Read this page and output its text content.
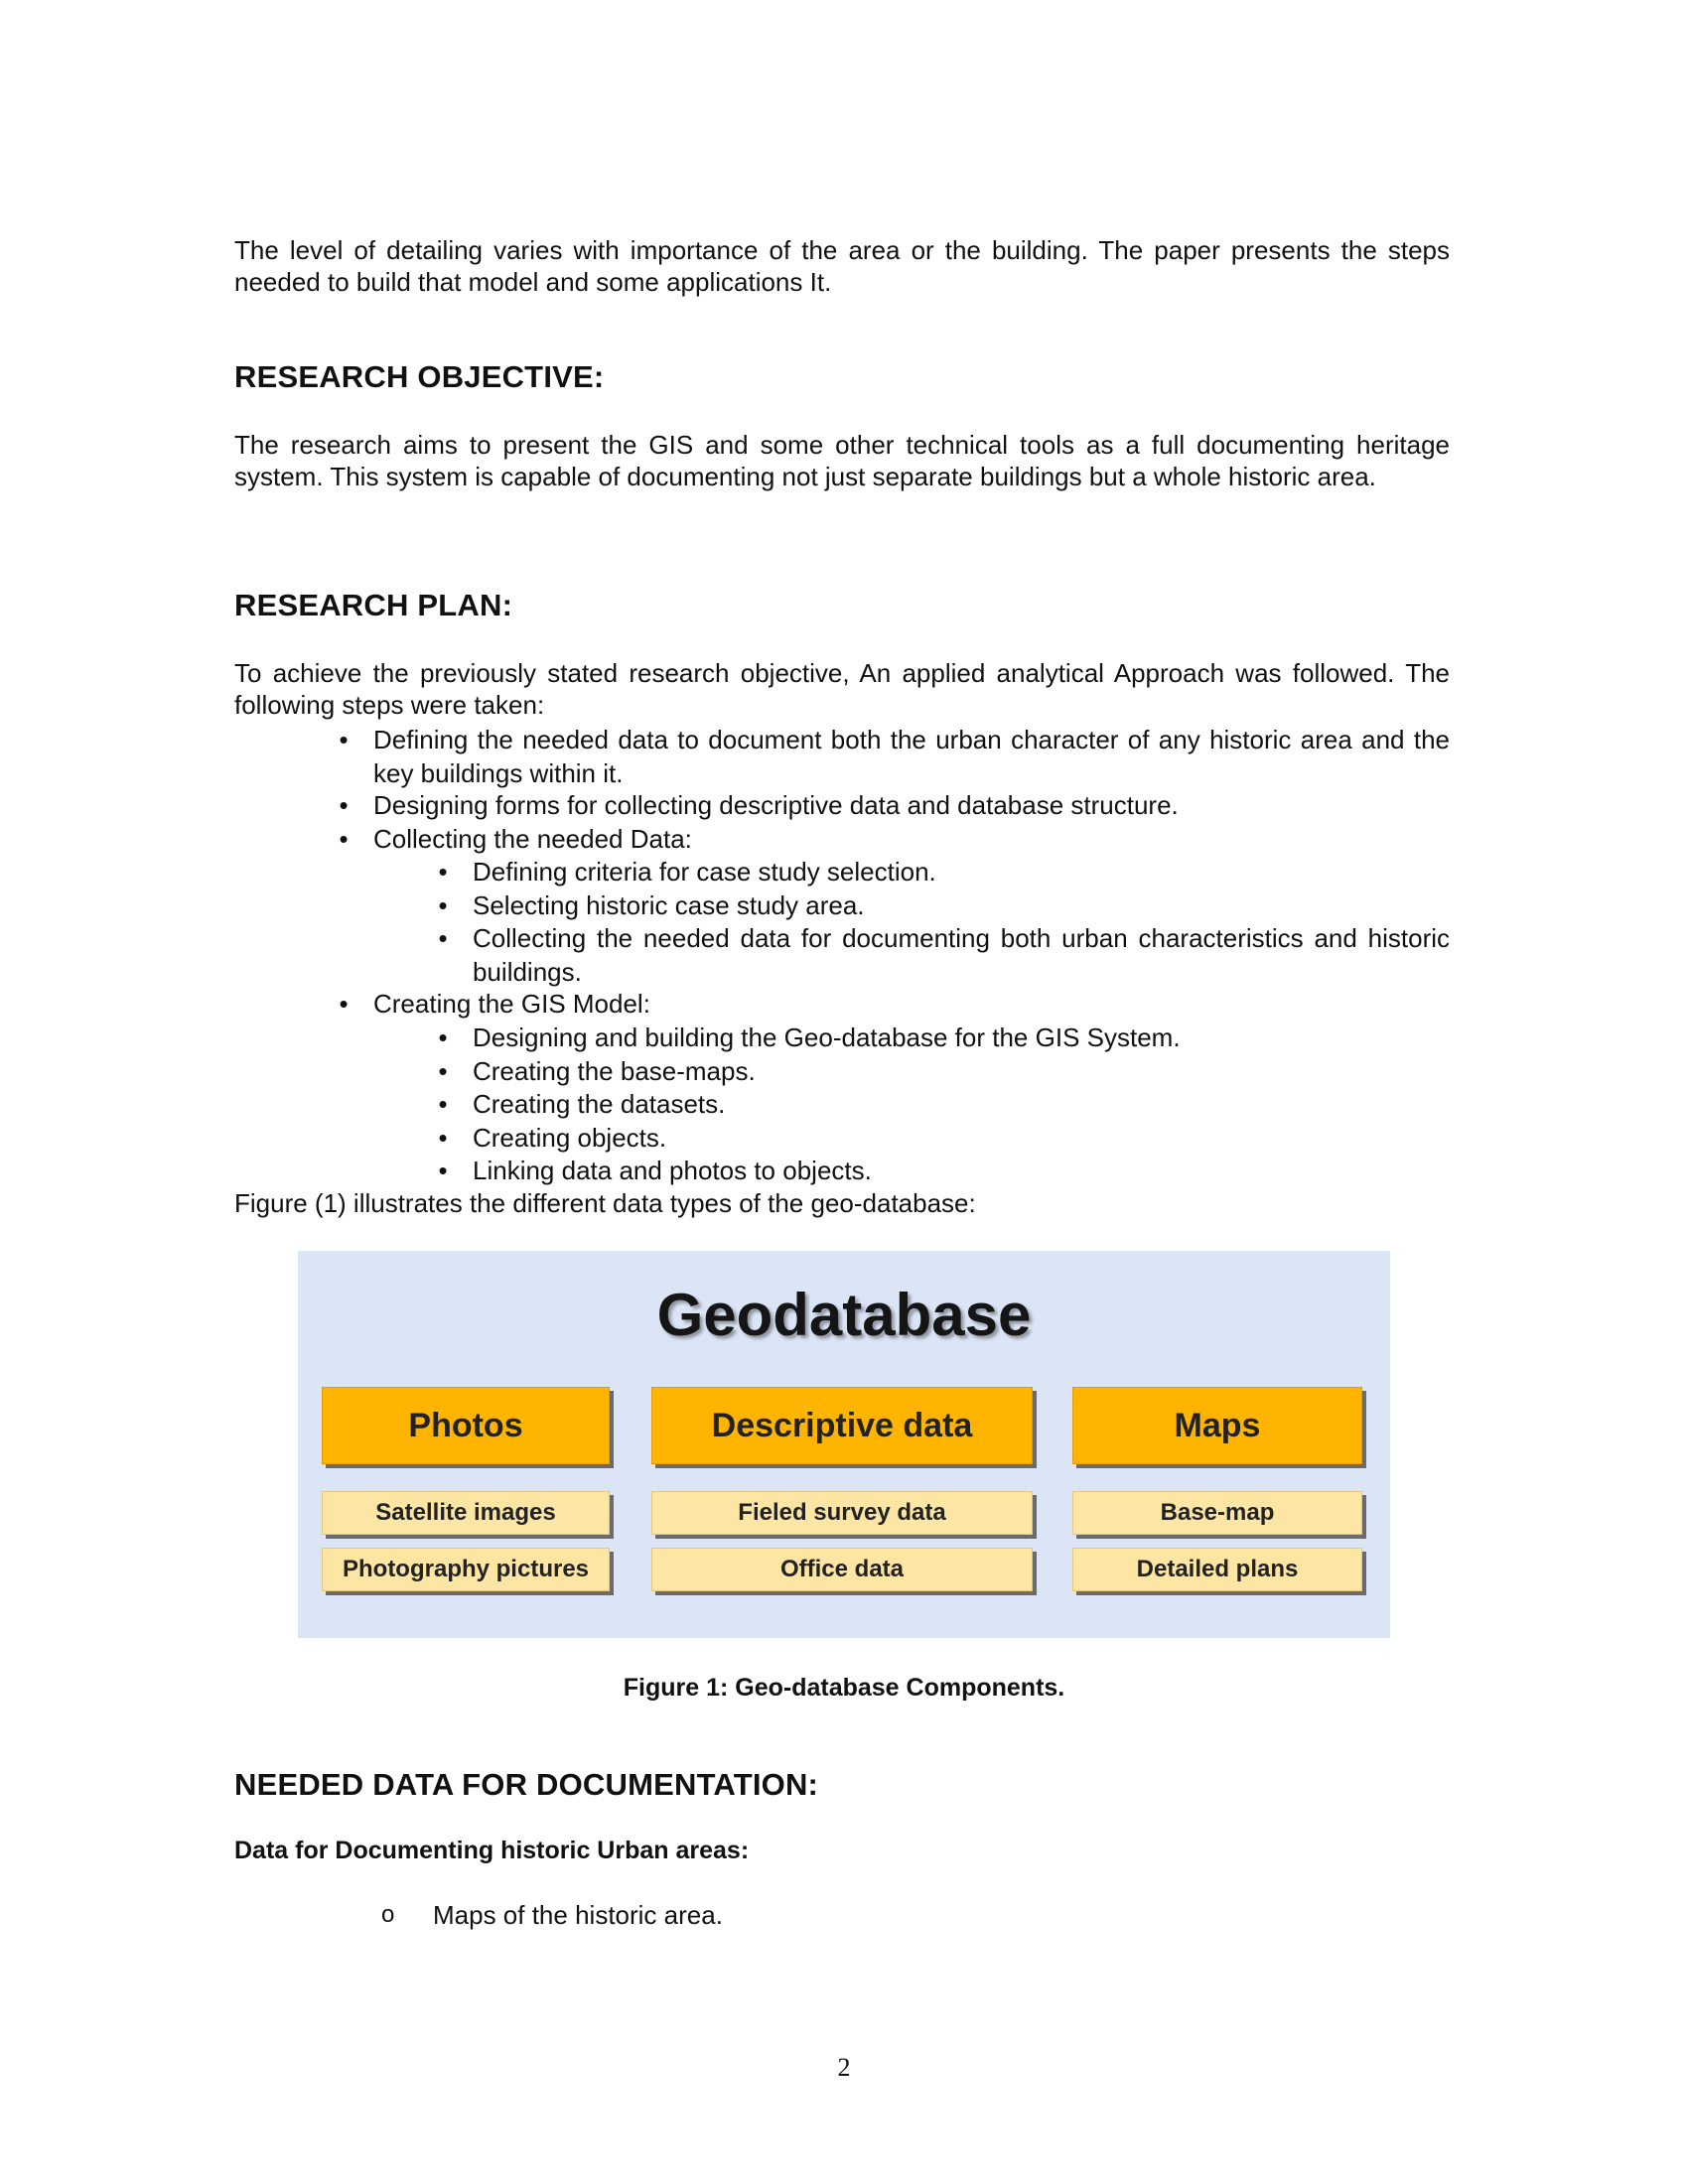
The level of detailing varies with importance of the area or the building. The paper presents the steps needed to build that model and some applications It.

RESEARCH OBJECTIVE:

The research aims to present the GIS and some other technical tools as a full documenting heritage system. This system is capable of documenting not just separate buildings but a whole historic area.

RESEARCH PLAN:

To achieve the previously stated research objective, An applied analytical Approach was followed. The following steps were taken:

• Defining the needed data to document both the urban character of any historic area and the key buildings within it.
• Designing forms for collecting descriptive data and database structure.
• Collecting the needed Data:
• Defining criteria for case study selection.
• Selecting historic case study area.
• Collecting the needed data for documenting both urban characteristics and historic buildings.
• Creating the GIS Model:
• Designing and building the Geo-database for the GIS System.
• Creating the base-maps.
• Creating the datasets.
• Creating objects.
• Linking data and photos to objects.

Figure (1) illustrates the different data types of the geo-database:

Geodatabase
Photos	Descriptive data	Maps
Satellite images
Photography pictures
Fieled survey data
Office data
Base-map
Detailed plans

Figure 1: Geo-database Components.

NEEDED DATA FOR DOCUMENTATION:
Data for Documenting historic Urban areas:
o Maps of the historic area.

2
